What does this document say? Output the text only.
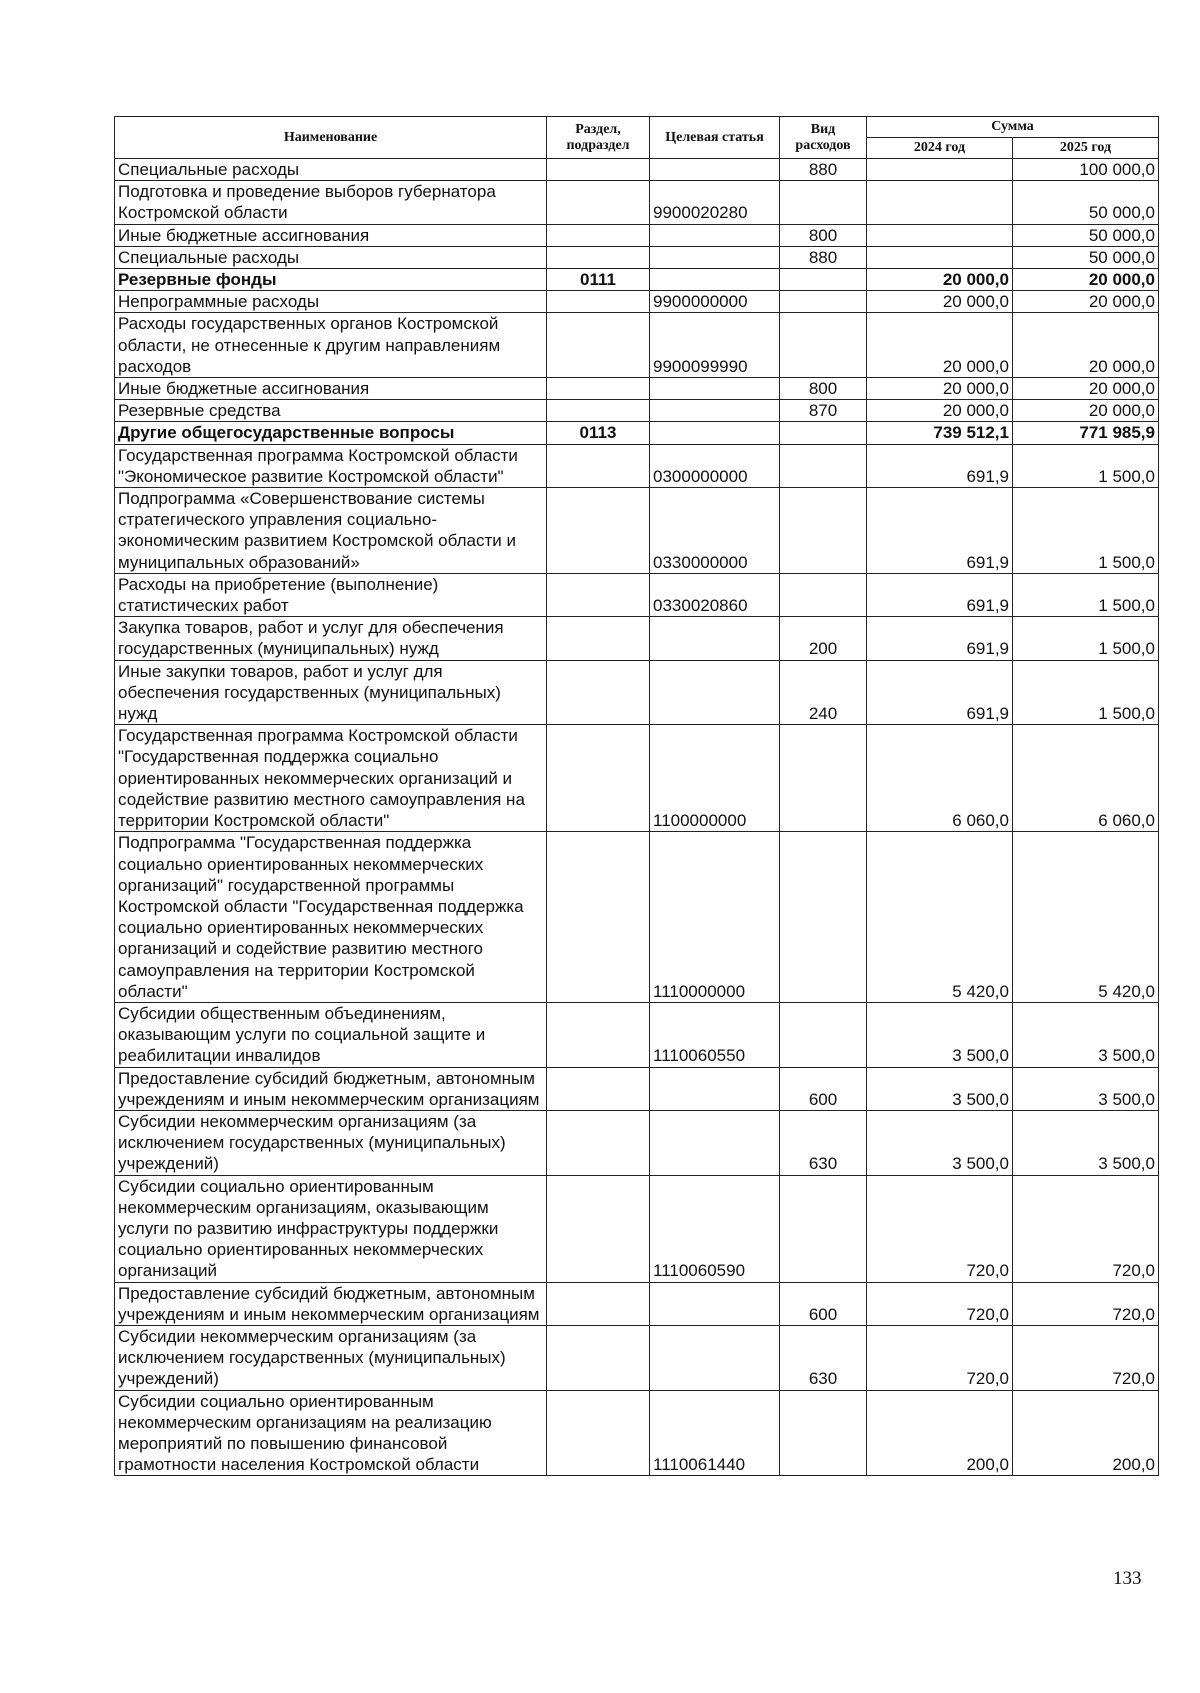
Наименование	Раздел, подраздел	Целевая статья	Вид расходов	Сумма	
				2024 год	2025 год
Специальные расходы			880		100 000,0
Подготовка и проведение выборов губернатора Костромской области		9900020280			50 000,0
Иные бюджетные ассигнования			800		50 000,0
Специальные расходы			880		50 000,0
Резервные фонды	0111			20 000,0	20 000,0
Непрограммные расходы		9900000000		20 000,0	20 000,0
Расходы государственных органов Костромской области, не отнесенные к другим направлениям расходов		9900099990		20 000,0	20 000,0
Иные бюджетные ассигнования			800	20 000,0	20 000,0
Резервные средства			870	20 000,0	20 000,0
Другие общегосударственные вопросы	0113			739 512,1	771 985,9
Государственная программа Костромской области "Экономическое развитие Костромской области"		0300000000		691,9	1 500,0
Подпрограмма «Совершенствование системы стратегического управления социально-экономическим развитием Костромской области и муниципальных образований»		0330000000		691,9	1 500,0
Расходы на приобретение (выполнение) статистических работ		0330020860		691,9	1 500,0
Закупка товаров, работ и услуг для обеспечения государственных (муниципальных) нужд			200	691,9	1 500,0
Иные закупки товаров, работ и услуг для обеспечения государственных (муниципальных) нужд			240	691,9	1 500,0
Государственная программа Костромской области "Государственная поддержка социально ориентированных некоммерческих организаций и содействие развитию местного самоуправления на территории Костромской области"		1100000000		6 060,0	6 060,0
Подпрограмма "Государственная поддержка социально ориентированных некоммерческих организаций" государственной программы Костромской области "Государственная поддержка социально ориентированных некоммерческих организаций и содействие развитию местного самоуправления на территории Костромской области"		1110000000		5 420,0	5 420,0
Субсидии общественным объединениям, оказывающим услуги по социальной защите и реабилитации инвалидов		1110060550		3 500,0	3 500,0
Предоставление субсидий бюджетным, автономным учреждениям и иным некоммерческим организациям			600	3 500,0	3 500,0
Субсидии некоммерческим организациям (за исключением государственных (муниципальных) учреждений)			630	3 500,0	3 500,0
Субсидии социально ориентированным некоммерческим организациям, оказывающим услуги по развитию инфраструктуры поддержки социально ориентированных некоммерческих организаций		1110060590		720,0	720,0
Предоставление субсидий бюджетным, автономным учреждениям и иным некоммерческим организациям			600	720,0	720,0
Субсидии некоммерческим организациям (за исключением государственных (муниципальных) учреждений)			630	720,0	720,0
Субсидии социально ориентированным некоммерческим организациям на реализацию мероприятий по повышению финансовой грамотности населения Костромской области		1110061440		200,0	200,0
133
